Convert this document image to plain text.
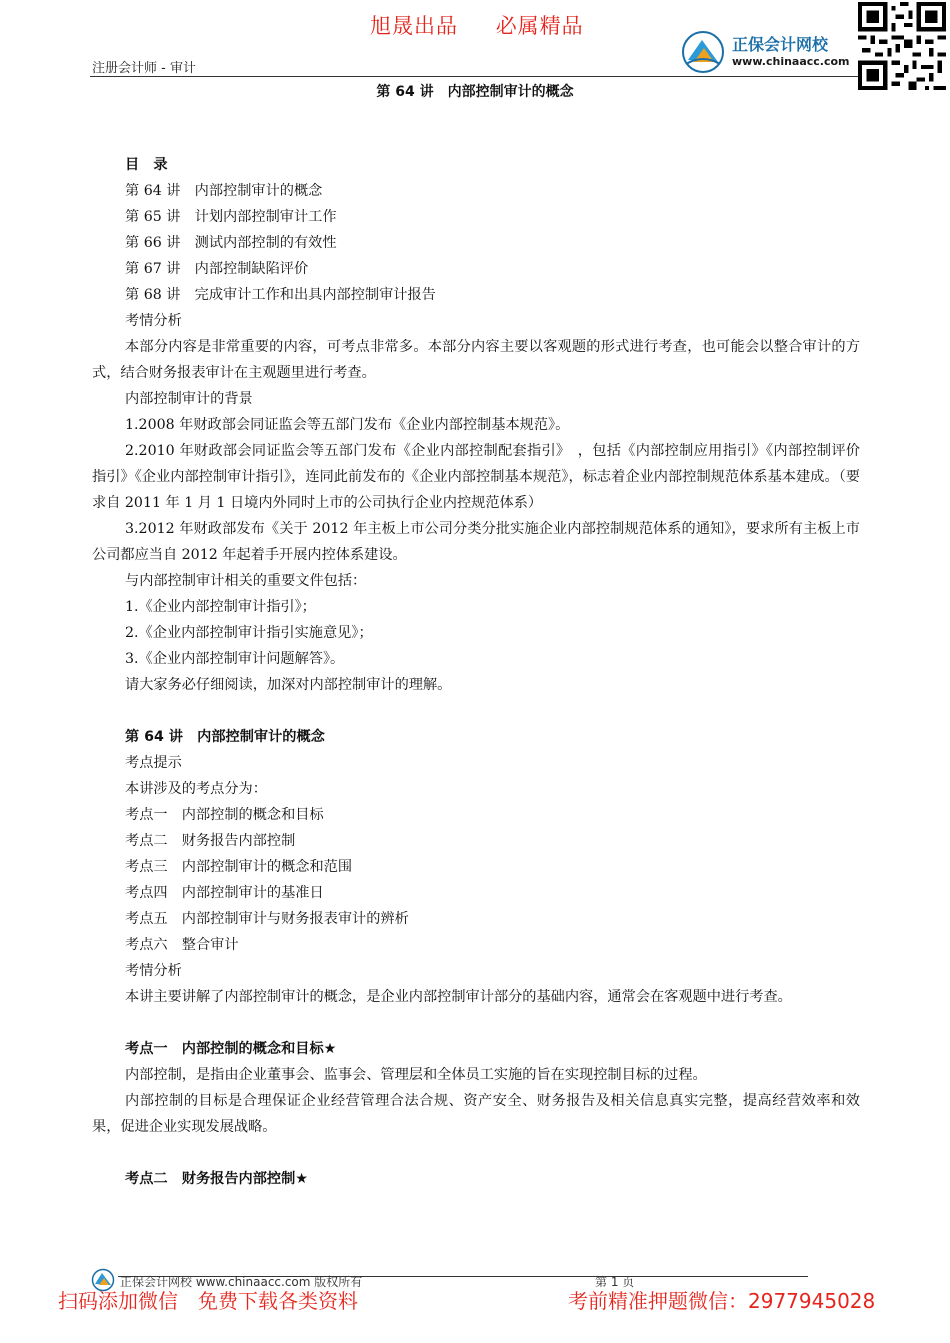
旭晟出品 必属精品
注册会计师 - 审计
正保会计网校
www.chinaacc.com
第 64 讲　内部控制审计的概念

目　录

第 64 讲　内部控制审计的概念

第 65 讲　计划内部控制审计工作

第 66 讲　测试内部控制的有效性

第 67 讲　内部控制缺陷评价

第 68 讲　完成审计工作和出具内部控制审计报告

考情分析

本部分内容是非常重要的内容，可考点非常多。本部分内容主要以客观题的形式进行考查，也可能会以整合审计的方式，结合财务报表审计在主观题里进行考查。

内部控制审计的背景

1.2008 年财政部会同证监会等五部门发布《企业内部控制基本规范》。

2.2010 年财政部会同证监会等五部门发布《企业内部控制配套指引》　，包括《内部控制应用指引》《内部控制评价指引》《企业内部控制审计指引》，连同此前发布的《企业内部控制基本规范》，标志着企业内部控制规范体系基本建成。（要求自 2011 年 1 月 1 日境内外同时上市的公司执行企业内控规范体系）

3.2012 年财政部发布《关于 2012 年主板上市公司分类分批实施企业内部控制规范体系的通知》，要求所有主板上市公司都应当自 2012 年起着手开展内控体系建设。

与内部控制审计相关的重要文件包括：

1.《企业内部控制审计指引》；

2.《企业内部控制审计指引实施意见》；

3.《企业内部控制审计问题解答》。

请大家务必仔细阅读，加深对内部控制审计的理解。

第 64 讲　内部控制审计的概念

考点提示

本讲涉及的考点分为：

考点一　内部控制的概念和目标

考点二　财务报告内部控制

考点三　内部控制审计的概念和范围

考点四　内部控制审计的基准日

考点五　内部控制审计与财务报表审计的辨析

考点六　整合审计

考情分析

本讲主要讲解了内部控制审计的概念，是企业内部控制审计部分的基础内容，通常会在客观题中进行考查。

考点一　内部控制的概念和目标★

内部控制，是指由企业董事会、监事会、管理层和全体员工实施的旨在实现控制目标的过程。

内部控制的目标是合理保证企业经营管理合法合规、资产安全、财务报告及相关信息真实完整，提高经营效率和效果，促进企业实现发展战略。

考点二　财务报告内部控制★

正保会计网校 www.chinaacc.com 版权所有	第 1 页
扫码添加微信　免费下载各类资料	考前精准押题微信：2977945028
